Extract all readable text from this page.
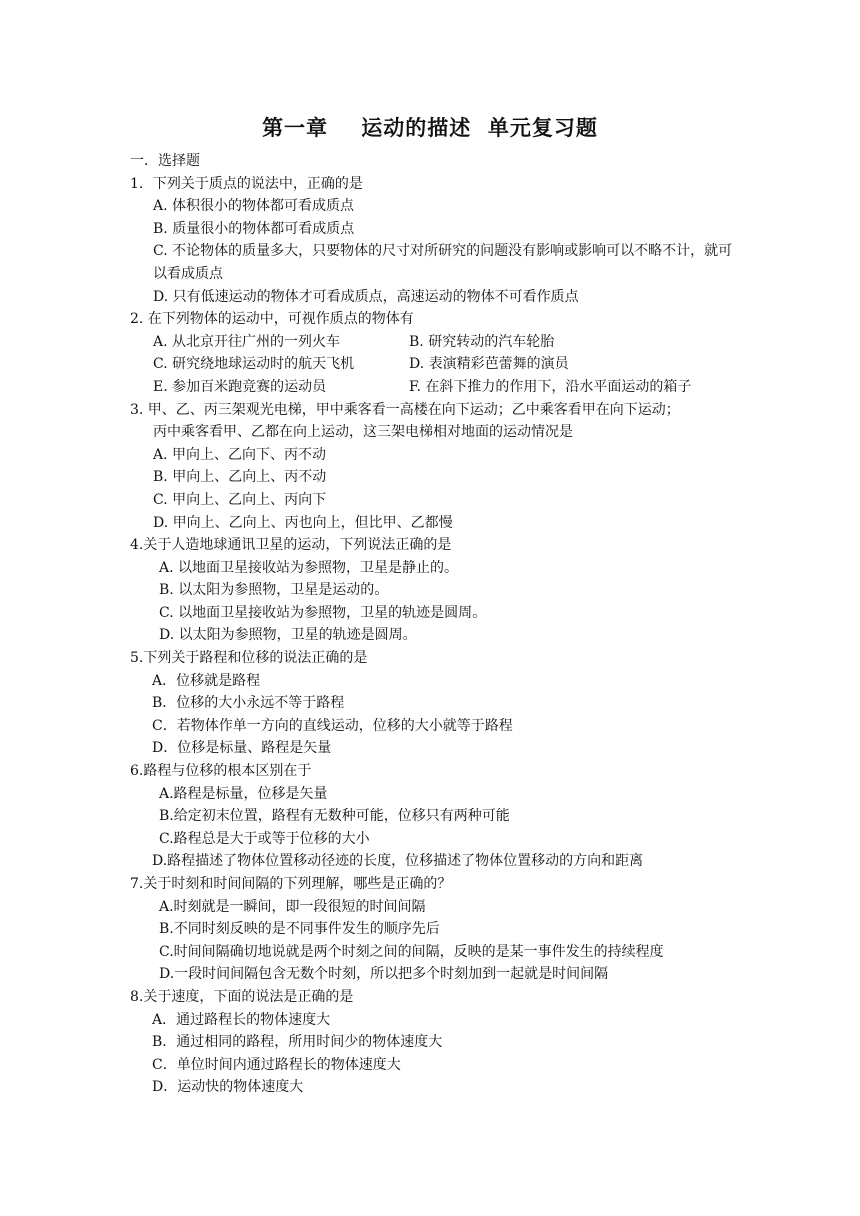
第一章    运动的描述  单元复习题
一．选择题
1．下列关于质点的说法中，正确的是
A. 体积很小的物体都可看成质点
B. 质量很小的物体都可看成质点
C. 不论物体的质量多大，只要物体的尺寸对所研究的问题没有影响或影响可以不略不计，就可以看成质点
D. 只有低速运动的物体才可看成质点，高速运动的物体不可看作质点
2. 在下列物体的运动中，可视作质点的物体有
A. 从北京开往广州的一列火车	B. 研究转动的汽车轮胎
C. 研究绕地球运动时的航天飞机	D. 表演精彩芭蕾舞的演员
E. 参加百米跑竞赛的运动员	F. 在斜下推力的作用下，沿水平面运动的箱子
3. 甲、乙、丙三架观光电梯，甲中乘客看一高楼在向下运动；乙中乘客看甲在向下运动；
丙中乘客看甲、乙都在向上运动，这三架电梯相对地面的运动情况是
A. 甲向上、乙向下、丙不动
B. 甲向上、乙向上、丙不动
C. 甲向上、乙向上、丙向下
D. 甲向上、乙向上、丙也向上，但比甲、乙都慢
4.关于人造地球通讯卫星的运动，下列说法正确的是
A. 以地面卫星接收站为参照物，卫星是静止的。
B. 以太阳为参照物，卫星是运动的。
C. 以地面卫星接收站为参照物，卫星的轨迹是圆周。
D. 以太阳为参照物，卫星的轨迹是圆周。
5.下列关于路程和位移的说法正确的是
A．位移就是路程
B．位移的大小永远不等于路程
C．若物体作单一方向的直线运动，位移的大小就等于路程
D．位移是标量、路程是矢量
6.路程与位移的根本区别在于
A.路程是标量，位移是矢量
B.给定初末位置，路程有无数种可能，位移只有两种可能
C.路程总是大于或等于位移的大小
D.路程描述了物体位置移动径迹的长度，位移描述了物体位置移动的方向和距离
7.关于时刻和时间间隔的下列理解，哪些是正确的？
A.时刻就是一瞬间，即一段很短的时间间隔
B.不同时刻反映的是不同事件发生的顺序先后
C.时间间隔确切地说就是两个时刻之间的间隔，反映的是某一事件发生的持续程度
D.一段时间间隔包含无数个时刻，所以把多个时刻加到一起就是时间间隔
8.关于速度，下面的说法是正确的是
A．通过路程长的物体速度大
B．通过相同的路程，所用时间少的物体速度大
C．单位时间内通过路程长的物体速度大
D．运动快的物体速度大
